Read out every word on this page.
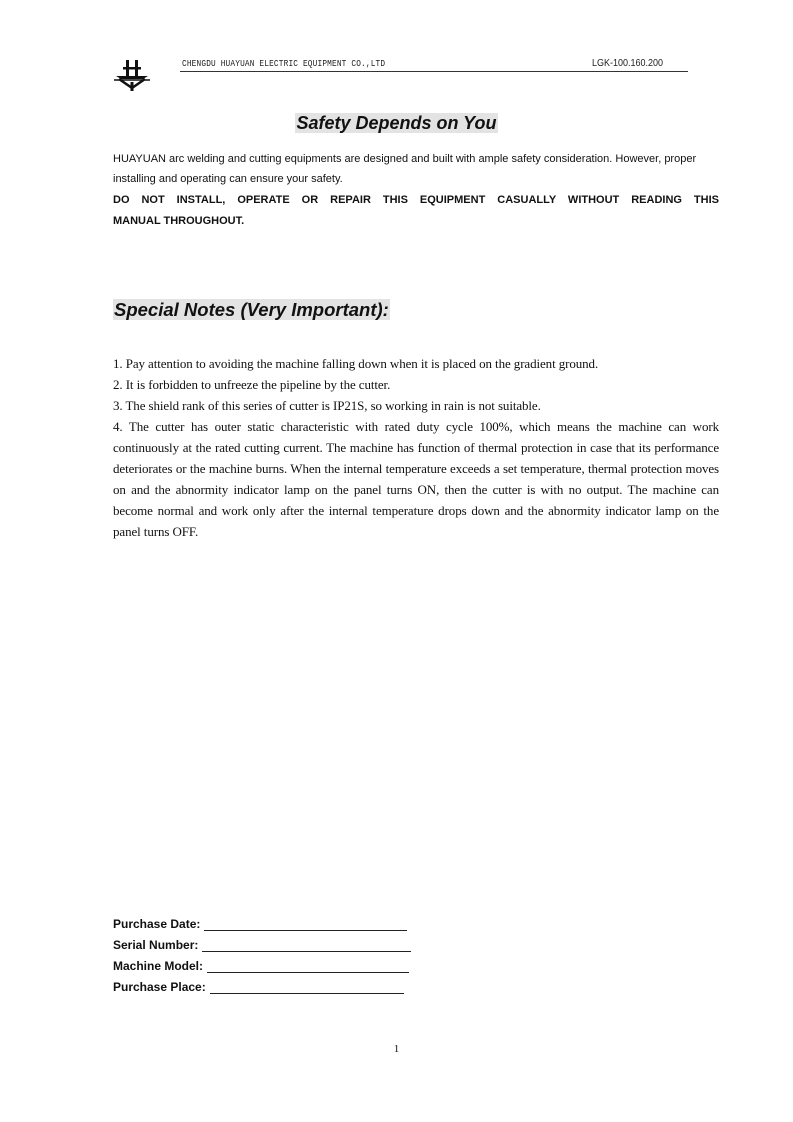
CHENGDU HUAYUAN ELECTRIC EQUIPMENT CO.,LTD	LGK-100.160.200
Safety Depends on You
HUAYUAN arc welding and cutting equipments are designed and built with ample safety consideration. However, proper installing and operating can ensure your safety.
DO NOT INSTALL, OPERATE OR REPAIR THIS EQUIPMENT CASUALLY WITHOUT READING THIS
MANUAL THROUGHOUT.
Special Notes (Very Important):
1. Pay attention to avoiding the machine falling down when it is placed on the gradient ground.
2. It is forbidden to unfreeze the pipeline by the cutter.
3. The shield rank of this series of cutter is IP21S, so working in rain is not suitable.
4. The cutter has outer static characteristic with rated duty cycle 100%, which means the machine can work continuously at the rated cutting current. The machine has function of thermal protection in case that its performance deteriorates or the machine burns. When the internal temperature exceeds a set temperature, thermal protection moves on and the abnormity indicator lamp on the panel turns ON, then the cutter is with no output. The machine can become normal and work only after the internal temperature drops down and the abnormity indicator lamp on the panel turns OFF.
Purchase Date:
Serial Number:
Machine Model:
Purchase Place:
1
